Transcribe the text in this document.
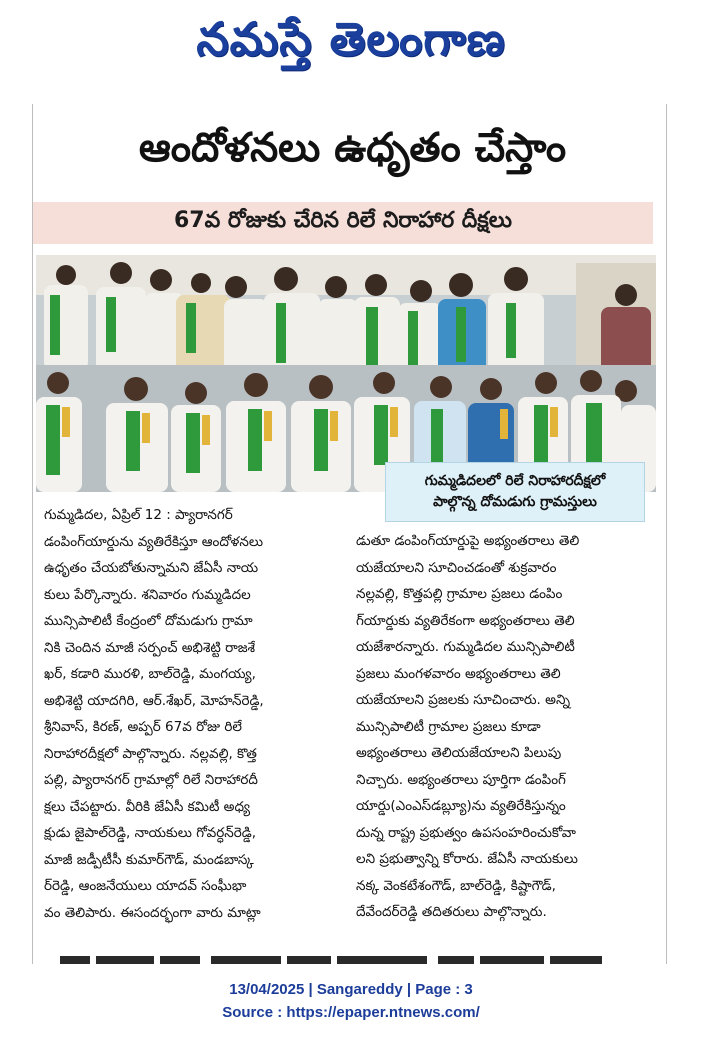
నమస్తే తెలంగాణ
ఆందోళనలు ఉధృతం చేస్తాం
67వ రోజుకు చేరిన రిలే నిరాహార దీక్షలు
గుమ్మడిదలలో రిలే నిరాహారదీక్షలో
పాల్గొన్న దోమడుగు గ్రామస్తులు
గుమ్మడిదల, ఏప్రిల్ 12 : ప్యారానగర్
డంపింగ్‌యార్డును వ్యతిరేకిస్తూ ఆందోళనలు
ఉధృతం చేయబోతున్నామని జేఏసీ నాయ
కులు పేర్కొన్నారు. శనివారం గుమ్మడిదల
మున్సిపాలిటీ కేంద్రంలో దోమడుగు గ్రామా
నికి చెందిన మాజీ సర్పంచ్ అభిశెట్టి రాజశే
ఖర్, కడారి మురళి, బాల్‌రెడ్డి, మంగయ్య,
అభిశెట్టి యాదగిరి, ఆర్.శేఖర్, మోహన్‌రెడ్డి,
శ్రీనివాస్, కిరణ్, అప్పర్ 67వ రోజు రిలే
నిరాహారదీక్షలో పాల్గొన్నారు. నల్లవల్లి, కొత్త
పల్లి, ప్యారానగర్ గ్రామాల్లో రిలే నిరాహారదీ
క్షలు చేపట్టారు. వీరికి జేఏసీ కమిటీ అధ్య
క్షుడు జైపాల్‌రెడ్డి, నాయకులు గోవర్ధన్‌రెడ్డి,
మాజీ జడ్పీటీసీ కుమార్‌గౌడ్, మండబాస్క
ర్‌రెడ్డి, ఆంజనేయులు యాదవ్ సంఘీభా
వం తెలిపారు. ఈసందర్భంగా వారు మాట్లా
డుతూ డంపింగ్‌యార్డుపై అభ్యంతరాలు తెలి
యజేయాలని సూచించడంతో శుక్రవారం
నల్లవల్లి, కొత్తపల్లి గ్రామాల ప్రజలు డంపిం
గ్‌యార్డుకు వ్యతిరేకంగా అభ్యంతరాలు తెలి
యజేశారన్నారు. గుమ్మడిదల మున్సిపాలిటీ
ప్రజలు మంగళవారం అభ్యంతరాలు తెలి
యజేయాలని ప్రజలకు సూచించారు. అన్ని
మున్సిపాలిటీ గ్రామాల ప్రజలు కూడా
అభ్యంతరాలు తెలియజేయాలని పిలుపు
నిచ్చారు. అభ్యంతరాలు పూర్తిగా డంపింగ్
యార్డు(ఎంఎస్‌డబ్ల్యూ)ను వ్యతిరేకిస్తున్నం
దున్న రాష్ట్ర ప్రభుత్వం ఉపసంహరించుకోవా
లని ప్రభుత్వాన్ని కోరారు. జేఏసీ నాయకులు
నక్క వెంకటేశంగౌడ్, బాల్‌రెడ్డి, కిష్టాగౌడ్,
దేవేందర్‌రెడ్డి తదితరులు పాల్గొన్నారు.

13/04/2025 | Sangareddy | Page : 3
Source : https://epaper.ntnews.com/
